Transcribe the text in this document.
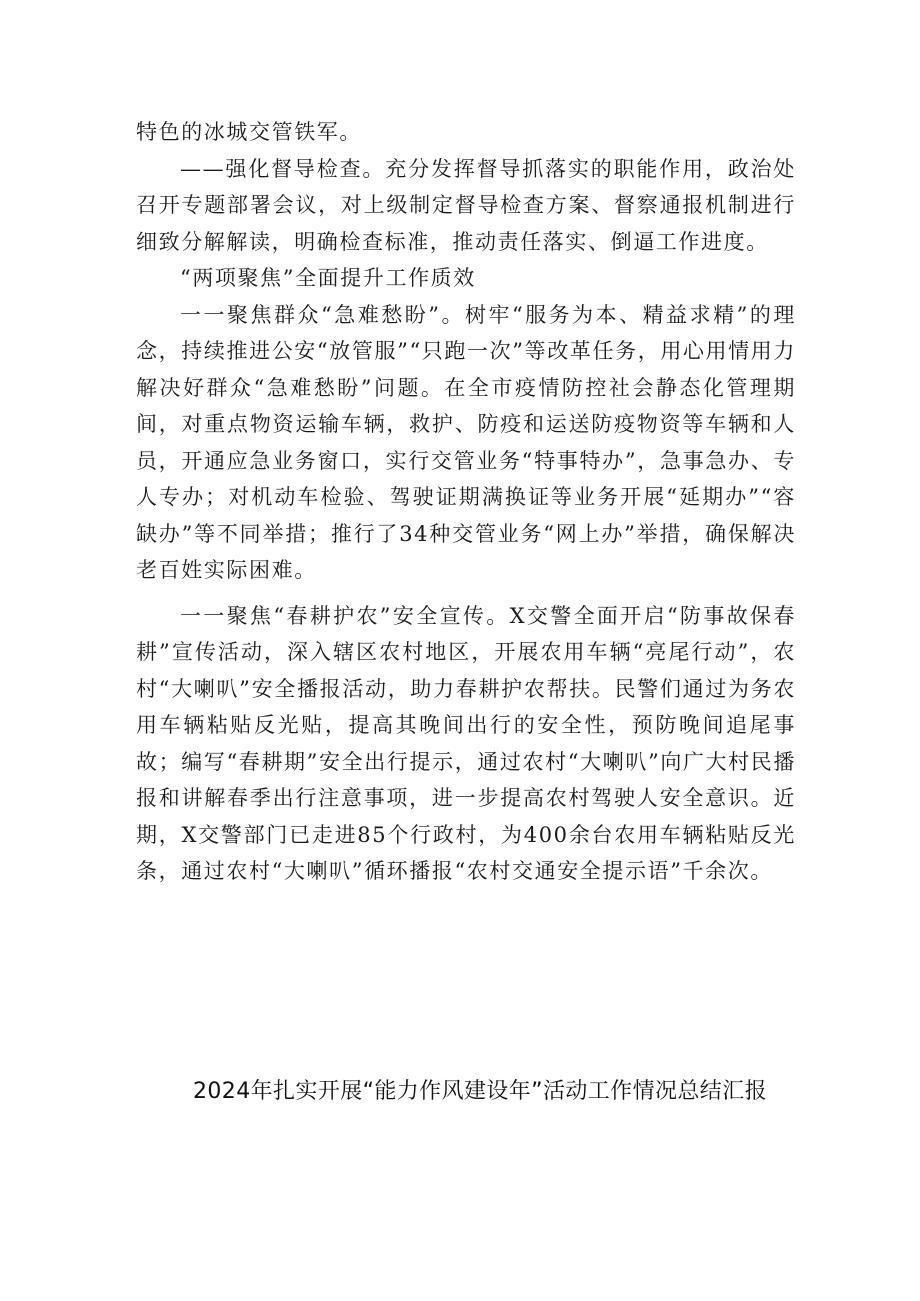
特色的冰城交管铁军。

——强化督导检查。充分发挥督导抓落实的职能作用，政治处召开专题部署会议，对上级制定督导检查方案、督察通报机制进行细致分解解读，明确检查标准，推动责任落实、倒逼工作进度。

“两项聚焦”全面提升工作质效

一一聚焦群众“急难愁盼”。树牢“服务为本、精益求精”的理念，持续推进公安“放管服”“只跑一次”等改革任务，用心用情用力解决好群众“急难愁盼”问题。在全市疫情防控社会静态化管理期间，对重点物资运输车辆，救护、防疫和运送防疫物资等车辆和人员，开通应急业务窗口，实行交管业务“特事特办”，急事急办、专人专办；对机动车检验、驾驶证期满换证等业务开展“延期办”“容缺办”等不同举措；推行了34种交管业务“网上办”举措，确保解决老百姓实际困难。

一一聚焦“春耕护农”安全宣传。X交警全面开启“防事故保春耕”宣传活动，深入辖区农村地区，开展农用车辆“亮尾行动”，农村“大喇叭”安全播报活动，助力春耕护农帮扶。民警们通过为务农用车辆粘贴反光贴，提高其晚间出行的安全性，预防晚间追尾事故；编写“春耕期”安全出行提示，通过农村“大喇叭”向广大村民播报和讲解春季出行注意事项，进一步提高农村驾驶人安全意识。近期，X交警部门已走进85个行政村，为400余台农用车辆粘贴反光条，通过农村“大喇叭”循环播报“农村交通安全提示语”千余次。

2024年扎实开展“能力作风建设年”活动工作情况总结汇报
